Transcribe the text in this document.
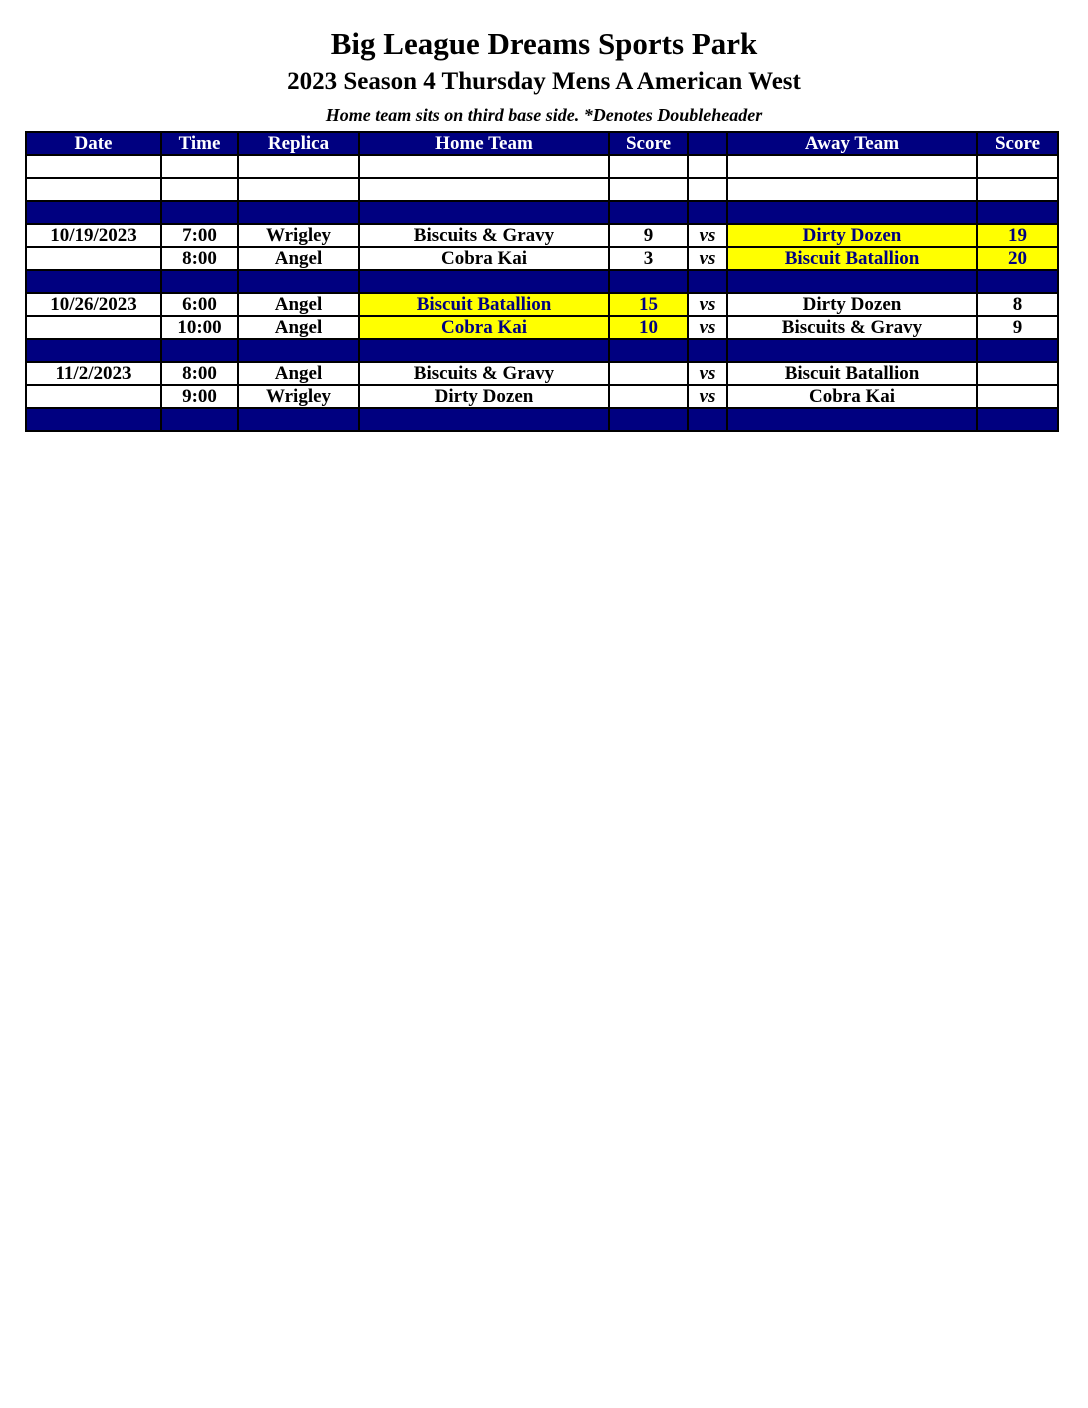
Big League Dreams Sports Park
2023 Season 4 Thursday Mens A American West
Home team sits on third base side. *Denotes Doubleheader
Date	Time	Replica	Home Team	Score		Away Team	Score

10/19/2023	7:00	Wrigley	Biscuits & Gravy	9	vs	Dirty Dozen	19
	8:00	Angel	Cobra Kai	3	vs	Biscuit Batallion	20

10/26/2023	6:00	Angel	Biscuit Batallion	15	vs	Dirty Dozen	8
	10:00	Angel	Cobra Kai	10	vs	Biscuits & Gravy	9

11/2/2023	8:00	Angel	Biscuits & Gravy		vs	Biscuit Batallion	
	9:00	Wrigley	Dirty Dozen		vs	Cobra Kai	
